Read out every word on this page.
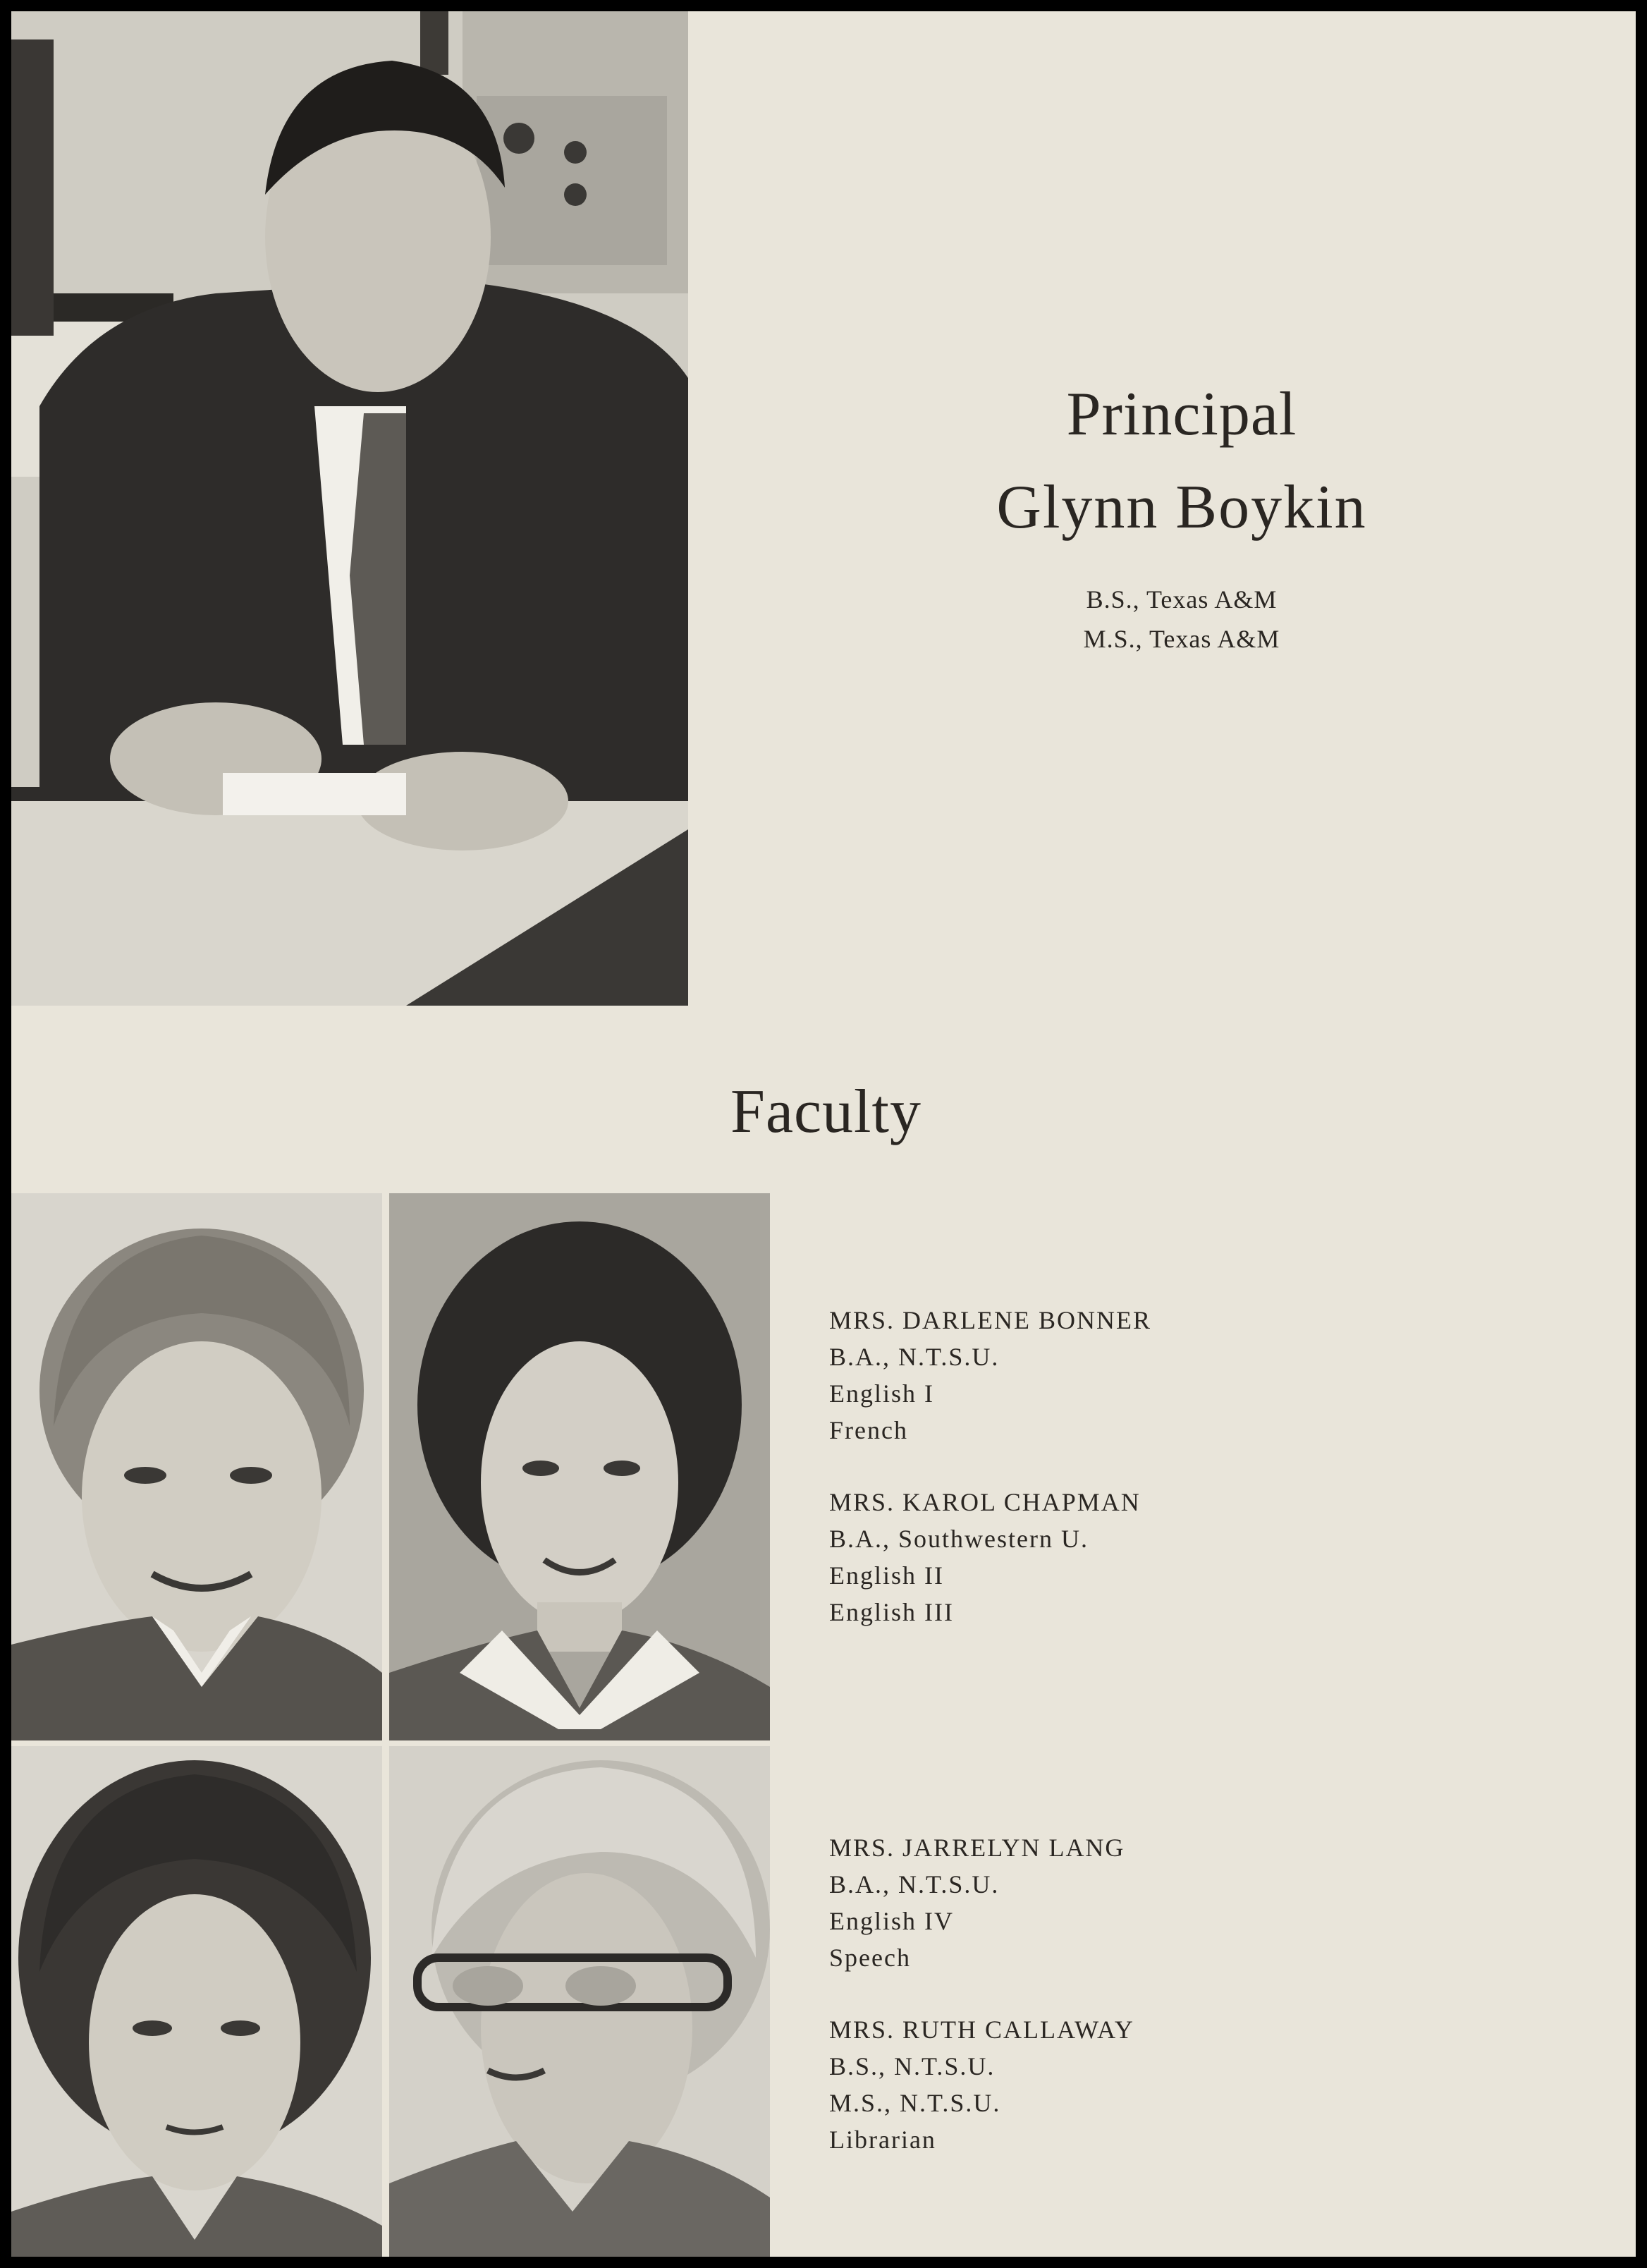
Principal
Glynn Boykin
B.S., Texas A&M
M.S., Texas A&M
Faculty
MRS. DARLENE BONNER
B.A., N.T.S.U.
English I
French
MRS. KAROL CHAPMAN
B.A., Southwestern U.
English II
English III
MRS. JARRELYN LANG
B.A., N.T.S.U.
English IV
Speech
MRS. RUTH CALLAWAY
B.S., N.T.S.U.
M.S., N.T.S.U.
Librarian
